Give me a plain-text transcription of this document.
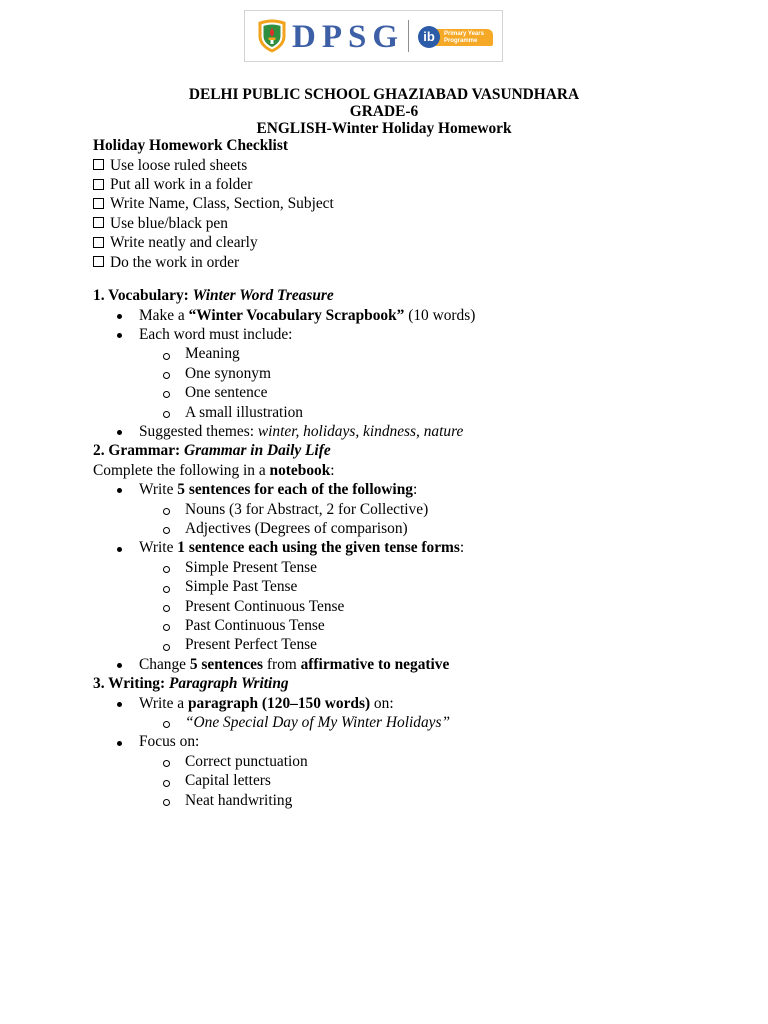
DPSG	Primary Years
Programme
ib
DELHI PUBLIC SCHOOL GHAZIABAD VASUNDHARA
GRADE-6
ENGLISH-Winter Holiday Homework
Holiday Homework Checklist
Use loose ruled sheets
Put all work in a folder
Write Name, Class, Section, Subject
Use blue/black pen
Write neatly and clearly
Do the work in order
1. Vocabulary: Winter Word Treasure
Make a “Winter Vocabulary Scrapbook” (10 words)
Each word must include:
Meaning
One synonym
One sentence
A small illustration
Suggested themes: winter, holidays, kindness, nature
2. Grammar: Grammar in Daily Life
Complete the following in a notebook:
Write 5 sentences for each of the following:
Nouns (3 for Abstract, 2 for Collective)
Adjectives (Degrees of comparison)
Write 1 sentence each using the given tense forms:
Simple Present Tense
Simple Past Tense
Present Continuous Tense
Past Continuous Tense
Present Perfect Tense
Change 5 sentences from affirmative to negative
3. Writing: Paragraph Writing
Write a paragraph (120–150 words) on:
“One Special Day of My Winter Holidays”
Focus on:
Correct punctuation
Capital letters
Neat handwriting
